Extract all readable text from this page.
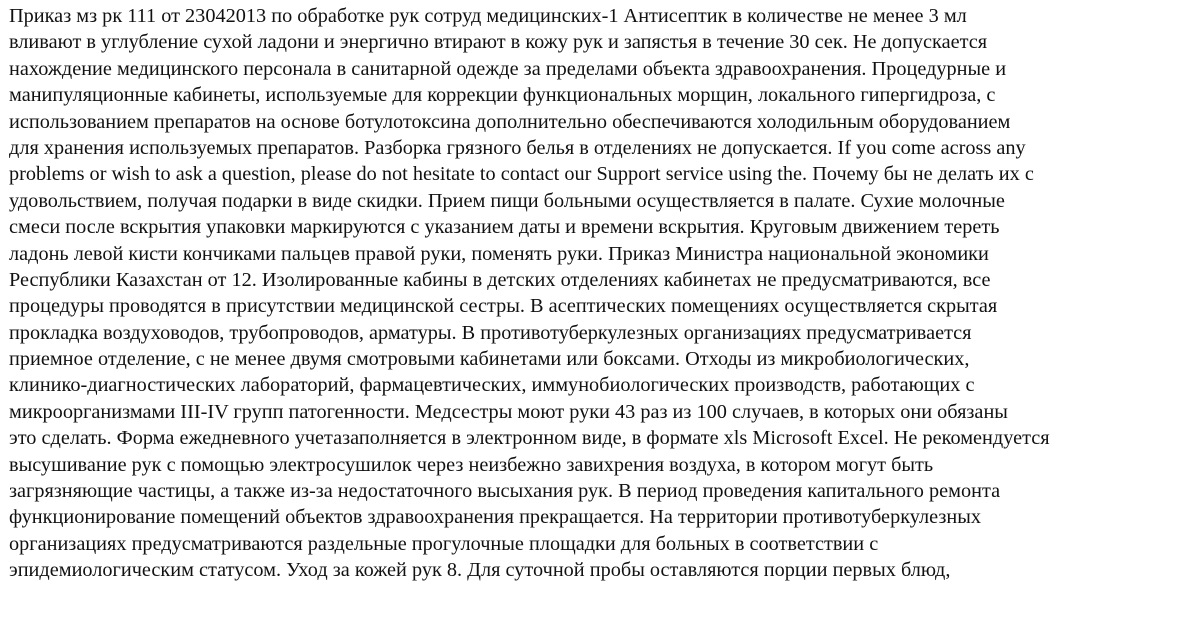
Приказ мз рк 111 от 23042013 по обработке рук сотруд медицинских-1 Антисептик в количестве не менее 3 мл
вливают в углубление сухой ладони и энергично втирают в кожу рук и запястья в течение 30 сек. Не допускается
нахождение медицинского персонала в санитарной одежде за пределами объекта здравоохранения. Процедурные и
манипуляционные кабинеты, используемые для коррекции функциональных морщин, локального гипергидроза, с
использованием препаратов на основе ботулотоксина дополнительно обеспечиваются холодильным оборудованием
для хранения используемых препаратов. Разборка грязного белья в отделениях не допускается. If you come across any
problems or wish to ask a question, please do not hesitate to contact our Support service using the. Почему бы не делать их с
удовольствием, получая подарки в виде скидки. Прием пищи больными осуществляется в палате. Сухие молочные
смеси после вскрытия упаковки маркируются с указанием даты и времени вскрытия. Круговым движением тереть
ладонь левой кисти кончиками пальцев правой руки, поменять руки. Приказ Министра национальной экономики
Республики Казахстан от 12. Изолированные кабины в детских отделениях кабинетах не предусматриваются, все
процедуры проводятся в присутствии медицинской сестры. В асептических помещениях осуществляется скрытая
прокладка воздуховодов, трубопроводов, арматуры. В противотуберкулезных организациях предусматривается
приемное отделение, с не менее двумя смотровыми кабинетами или боксами. Отходы из микробиологических,
клинико-диагностических лабораторий, фармацевтических, иммунобиологических производств, работающих с
микроорганизмами III-IV групп патогенности. Медсестры моют руки 43 раз из 100 случаев, в которых они обязаны
это сделать. Форма ежедневного учетазаполняется в электронном виде, в формате xls Microsoft Excel. Не рекомендуется
высушивание рук с помощью электросушилок через неизбежно завихрения воздуха, в котором могут быть
загрязняющие частицы, а также из-за недостаточного высыхания рук. В период проведения капитального ремонта
функционирование помещений объектов здравоохранения прекращается. На территории противотуберкулезных
организациях предусматриваются раздельные прогулочные площадки для больных в соответствии с
эпидемиологическим статусом. Уход за кожей рук 8. Для суточной пробы оставляются порции первых блюд,
